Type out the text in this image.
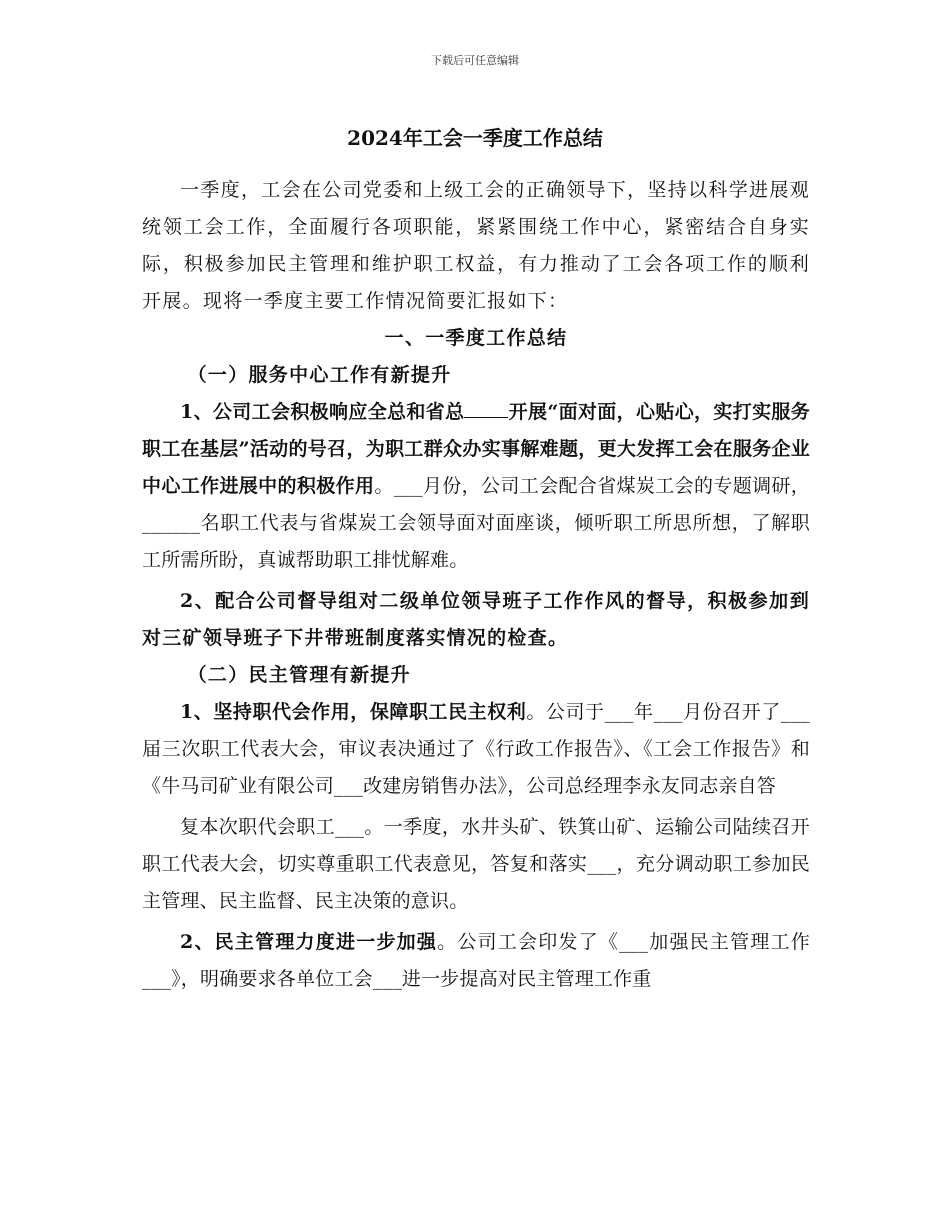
下载后可任意编辑
2024年工会一季度工作总结

一季度，工会在公司党委和上级工会的正确领导下，坚持以科学进展观统领工会工作，全面履行各项职能，紧紧围绕工作中心，紧密结合自身实际，积极参加民主管理和维护职工权益，有力推动了工会各项工作的顺利开展。现将一季度主要工作情况简要汇报如下：

一、一季度工作总结

（一）服务中心工作有新提升

1、公司工会积极响应全总和省总 开展“面对面，心贴心，实打实服务职工在基层”活动的号召，为职工群众办实事解难题，更大发挥工会在服务企业中心工作进展中的积极作用。___月份，公司工会配合省煤炭工会的专题调研，______名职工代表与省煤炭工会领导面对面座谈，倾听职工所思所想，了解职工所需所盼，真诚帮助职工排忧解难。

2、配合公司督导组对二级单位领导班子工作作风的督导，积极参加到对三矿领导班子下井带班制度落实情况的检查。

（二）民主管理有新提升

1、坚持职代会作用，保障职工民主权利。公司于___年___月份召开了___届三次职工代表大会，审议表决通过了《行政工作报告》、《工会工作报告》和《牛马司矿业有限公司___改建房销售办法》，公司总经理李永友同志亲自答

复本次职代会职工___。一季度，水井头矿、铁箕山矿、运输公司陆续召开职工代表大会，切实尊重职工代表意见，答复和落实___，充分调动职工参加民主管理、民主监督、民主决策的意识。

2、民主管理力度进一步加强。公司工会印发了《___加强民主管理工作___》，明确要求各单位工会___进一步提高对民主管理工作重
